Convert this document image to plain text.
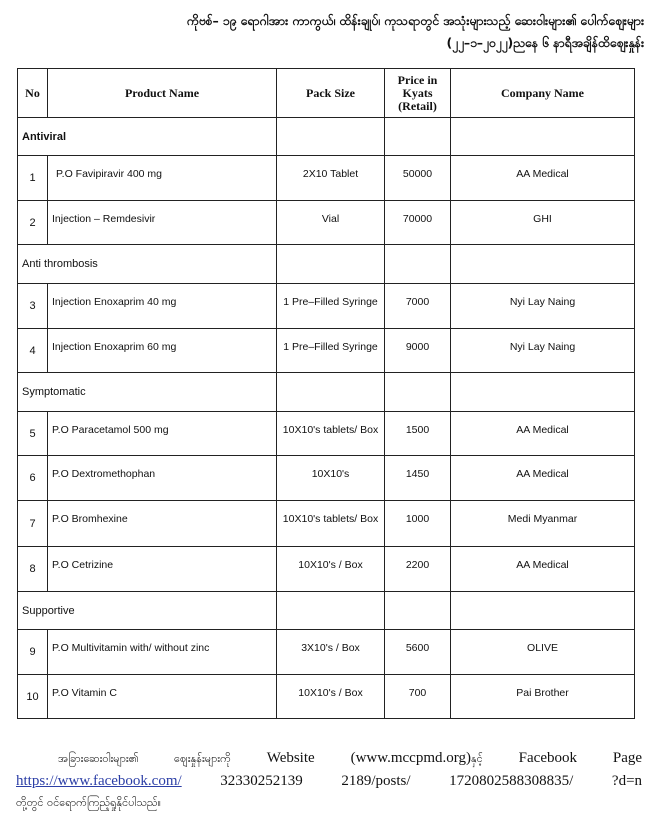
ကိုဗစ်– ၁၉ ရောဂါအား ကာကွယ်၊ ထိန်းချုပ်၊ ကုသရာတွင် အသုံးများသည့် ဆေးဝါးများ၏ ပေါက်ဈေးများ
(၂၂–၁–၂၀၂၂)ညနေ ၆ နာရီအချိန်ထိဈေးနှုန်း
No	Product Name	Pack Size	Price in
Kyats
(Retail)	Company Name
Antiviral				
1	P.O Favipiravir 400 mg	2X10 Tablet	50000	AA Medical
2	Injection – Remdesivir	Vial	70000	GHI
Anti thrombosis				
3	Injection Enoxaprim 40 mg	1 Pre–Filled Syringe	7000	Nyi Lay Naing
4	Injection Enoxaprim 60 mg	1 Pre–Filled Syringe	9000	Nyi Lay Naing
Symptomatic				
5	P.O Paracetamol 500 mg	10X10's tablets/ Box	1500	AA Medical
6	P.O Dextromethophan	10X10's	1450	AA Medical
7	P.O Bromhexine	10X10's tablets/ Box	1000	Medi Myanmar
8	P.O Cetrizine	10X10's / Box	2200	AA Medical
Supportive				
9	P.O Multivitamin with/ without zinc	3X10's / Box	5600	OLIVE
10	P.O Vitamin C	10X10's / Box	700	Pai Brother
အခြားဆေးဝါးများ၏ ဈေးနှုန်းများကို Website (www.mccpmd.org)နှင့် Facebook Page
https://www.facebook.com/	32330252139	2189/posts/	1720802588308835/	?d=n
တို့တွင် ဝင်ရောက်ကြည့်ရှုနိုင်ပါသည်။
